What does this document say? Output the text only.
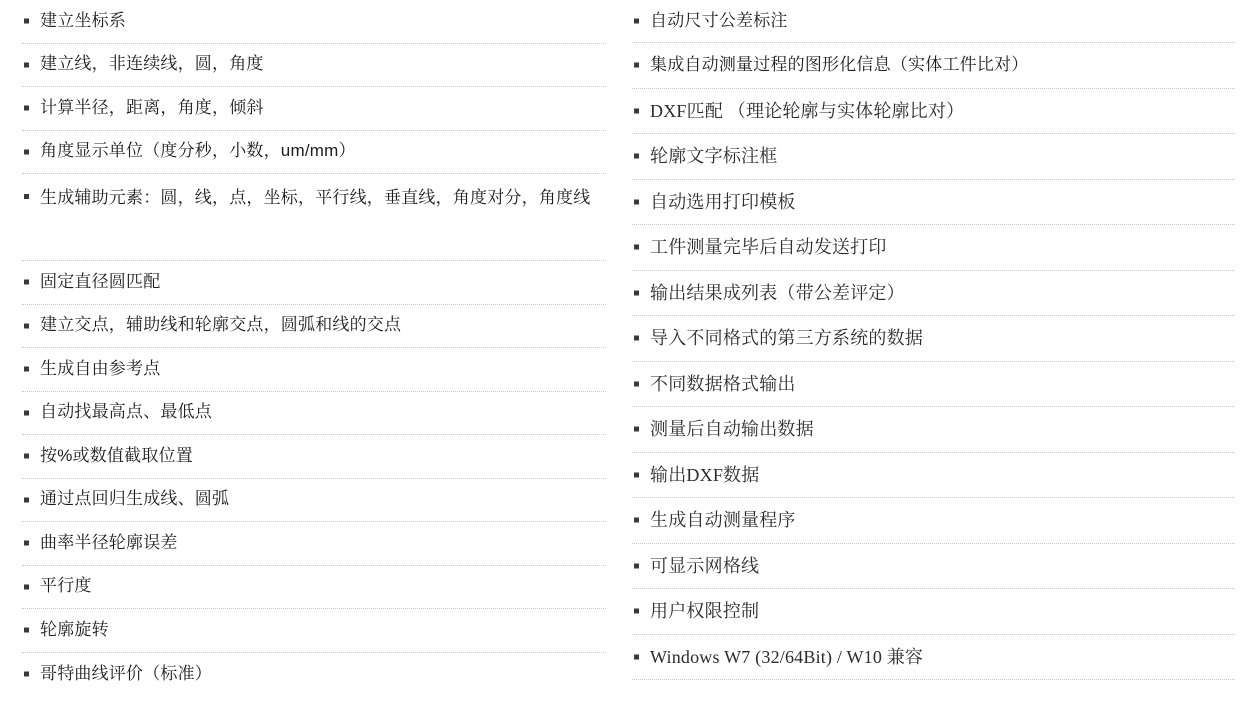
建立坐标系
建立线，非连续线，圆，角度
计算半径，距离，角度，倾斜
角度显示单位（度分秒，小数，um/mm）
生成辅助元素：圆，线，点，坐标，平行线，垂直线，角度对分，角度线
固定直径圆匹配
建立交点，辅助线和轮廓交点，圆弧和线的交点
生成自由参考点
自动找最高点、最低点
按%或数值截取位置
通过点回归生成线、圆弧
曲率半径轮廓误差
平行度
轮廓旋转
哥特曲线评价（标准）
自动尺寸公差标注
集成自动测量过程的图形化信息（实体工件比对）
DXF匹配 （理论轮廓与实体轮廓比对）
轮廓文字标注框
自动选用打印模板
工件测量完毕后自动发送打印
输出结果成列表（带公差评定）
导入不同格式的第三方系统的数据
不同数据格式输出
测量后自动输出数据
输出DXF数据
生成自动测量程序
可显示网格线
用户权限控制
Windows W7 (32/64Bit) / W10 兼容
